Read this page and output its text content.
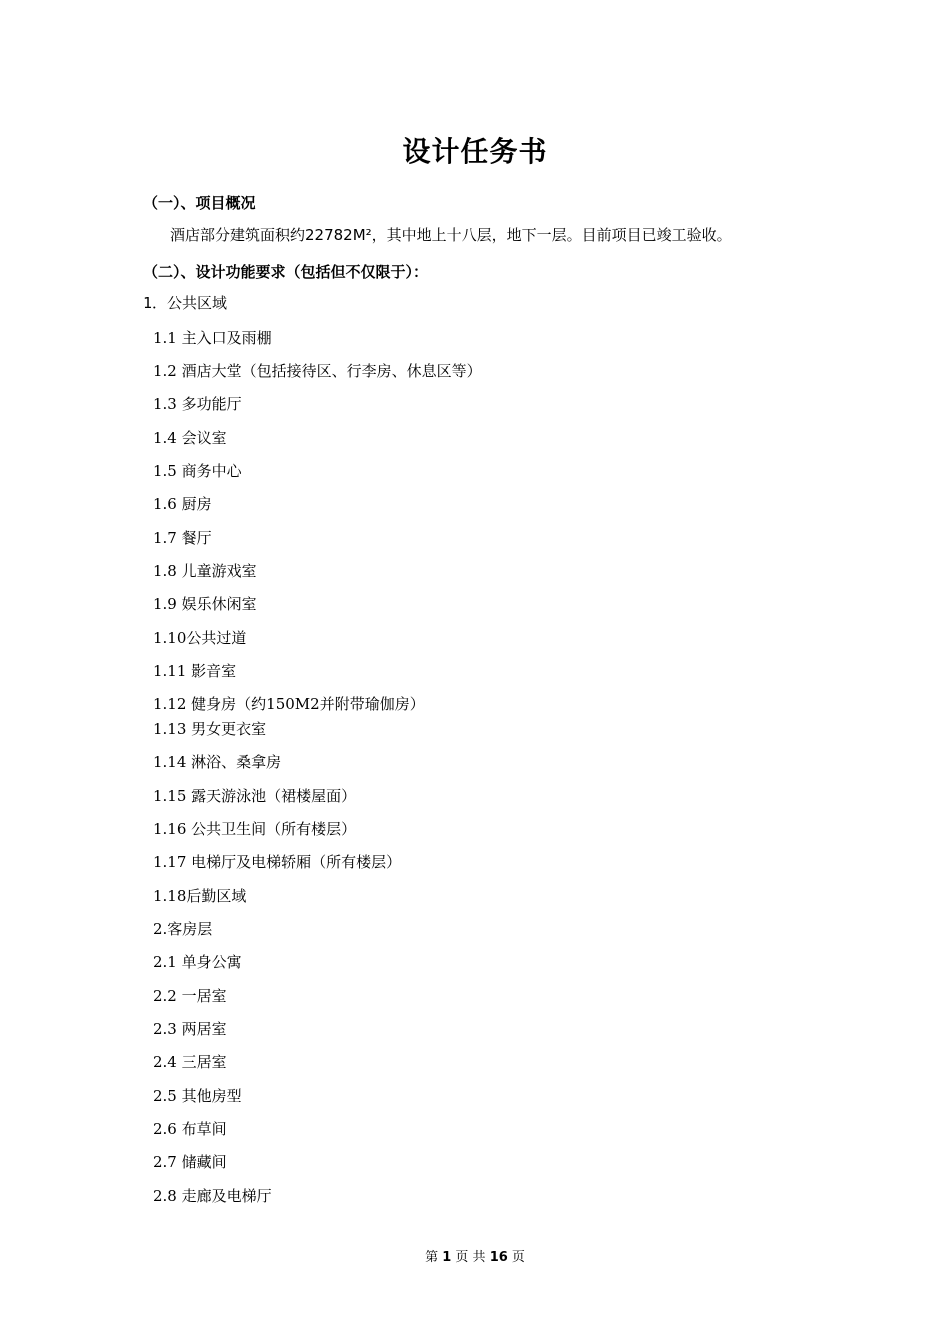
设计任务书
（一）、项目概况
酒店部分建筑面积约22782M²，其中地上十八层，地下一层。目前项目已竣工验收。
（二）、设计功能要求（包括但不仅限于）：
1．公共区域
1.1 主入口及雨棚
1.2 酒店大堂（包括接待区、行李房、休息区等）
1.3 多功能厅
1.4 会议室
1.5 商务中心
1.6 厨房
1.7 餐厅
1.8 儿童游戏室
1.9 娱乐休闲室
1.10公共过道
1.11 影音室
1.12 健身房（约150M2并附带瑜伽房）
1.13 男女更衣室
1.14 淋浴、桑拿房
1.15 露天游泳池（裙楼屋面）
1.16 公共卫生间（所有楼层）
1.17 电梯厅及电梯轿厢（所有楼层）
1.18后勤区域
2.客房层
2.1 单身公寓
2.2 一居室
2.3 两居室
2.4 三居室
2.5 其他房型
2.6 布草间
2.7 储藏间
2.8 走廊及电梯厅
第 1 页 共 16 页
